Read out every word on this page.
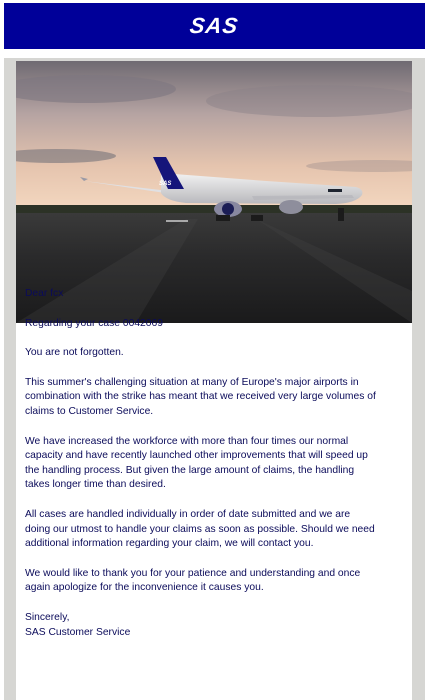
SAS
SAS

Dear fcx

Regarding your case 0042069

You are not forgotten.

This summer's challenging situation at many of Europe's major airports in combination with the strike has meant that we received very large volumes of claims to Customer Service.

We have increased the workforce with more than four times our normal capacity and have recently launched other improvements that will speed up the handling process. But given the large amount of claims, the handling takes longer time than desired.

All cases are handled individually in order of date submitted and we are doing our utmost to handle your claims as soon as possible. Should we need additional information regarding your claim, we will contact you.

We would like to thank you for your patience and understanding and once again apologize for the inconvenience it causes you.

Sincerely,

SAS Customer Service
